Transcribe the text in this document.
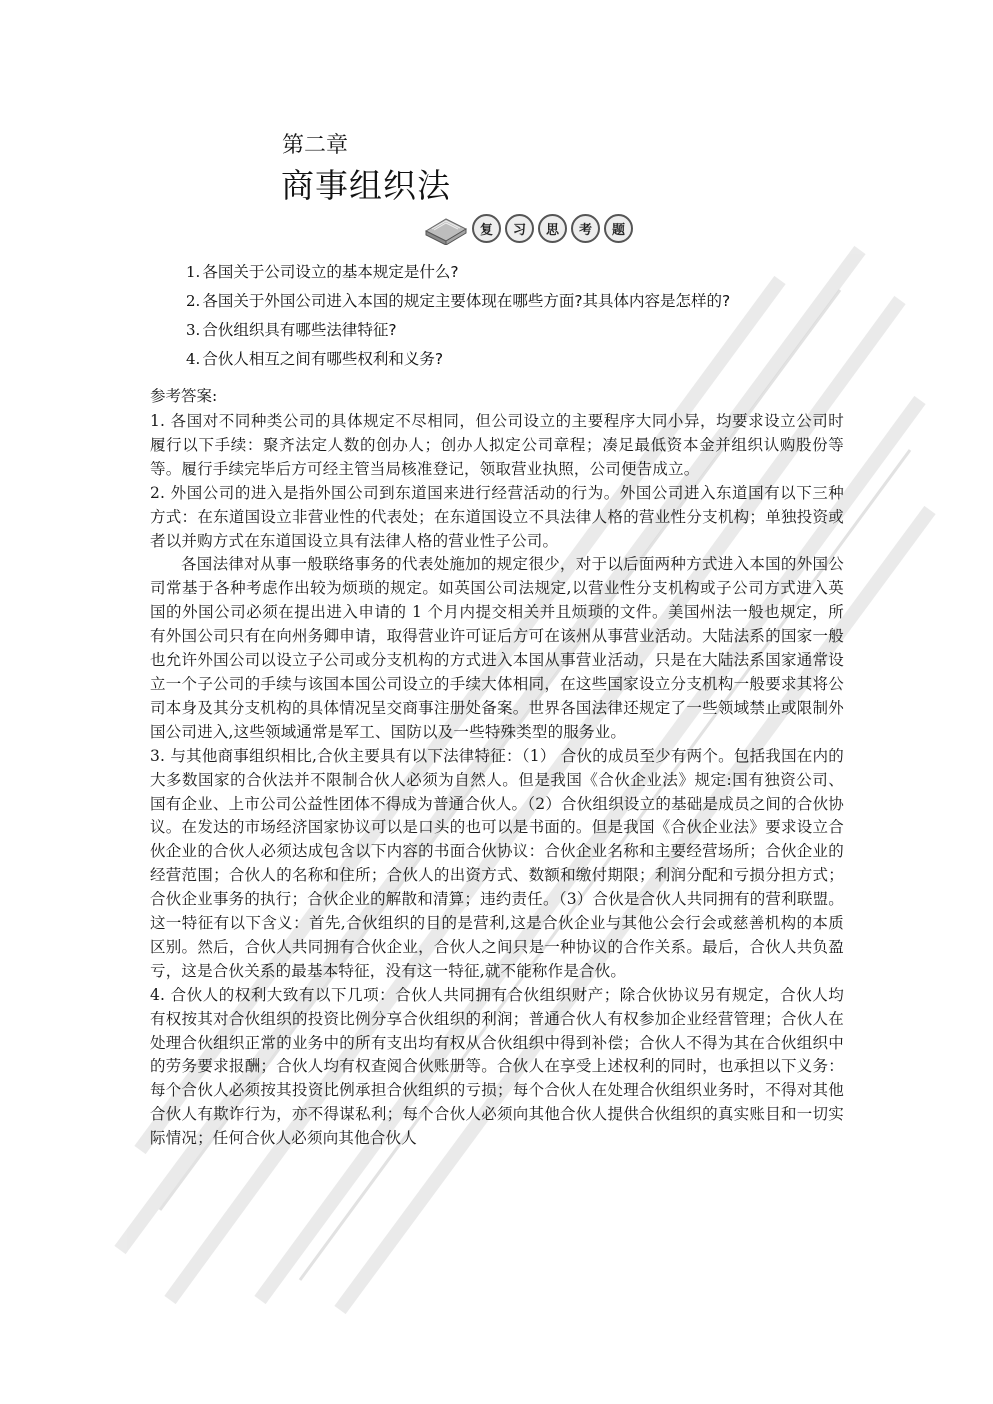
第二章
商事组织法
复	习	思	考	题
1. 各国关于公司设立的基本规定是什么?
2. 各国关于外国公司进入本国的规定主要体现在哪些方面?其具体内容是怎样的?
3. 合伙组织具有哪些法律特征?
4. 合伙人相互之间有哪些权利和义务?
参考答案:

1. 各国对不同种类公司的具体规定不尽相同，但公司设立的主要程序大同小异，均要求设立公司时履行以下手续：聚齐法定人数的创办人；创办人拟定公司章程；凑足最低资本金并组织认购股份等等。履行手续完毕后方可经主管当局核准登记，领取营业执照，公司便告成立。

2. 外国公司的进入是指外国公司到东道国来进行经营活动的行为。外国公司进入东道国有以下三种方式：在东道国设立非营业性的代表处；在东道国设立不具法律人格的营业性分支机构；单独投资或者以并购方式在东道国设立具有法律人格的营业性子公司。

各国法律对从事一般联络事务的代表处施加的规定很少，对于以后面两种方式进入本国的外国公司常基于各种考虑作出较为烦琐的规定。如英国公司法规定,以营业性分支机构或子公司方式进入英国的外国公司必须在提出进入申请的 1 个月内提交相关并且烦琐的文件。美国州法一般也规定，所有外国公司只有在向州务卿申请，取得营业许可证后方可在该州从事营业活动。大陆法系的国家一般也允许外国公司以设立子公司或分支机构的方式进入本国从事营业活动，只是在大陆法系国家通常设立一个子公司的手续与该国本国公司设立的手续大体相同，在这些国家设立分支机构一般要求其将公司本身及其分支机构的具体情况呈交商事注册处备案。世界各国法律还规定了一些领域禁止或限制外国公司进入,这些领域通常是军工、国防以及一些特殊类型的服务业。

3. 与其他商事组织相比,合伙主要具有以下法律特征：（1） 合伙的成员至少有两个。包括我国在内的大多数国家的合伙法并不限制合伙人必须为自然人。但是我国《合伙企业法》规定:国有独资公司、国有企业、上市公司公益性团体不得成为普通合伙人。（2）合伙组织设立的基础是成员之间的合伙协议。在发达的市场经济国家协议可以是口头的也可以是书面的。但是我国《合伙企业法》要求设立合伙企业的合伙人必须达成包含以下内容的书面合伙协议：合伙企业名称和主要经营场所；合伙企业的经营范围；合伙人的名称和住所；合伙人的出资方式、数额和缴付期限；利润分配和亏损分担方式；合伙企业事务的执行；合伙企业的解散和清算；违约责任。（3）合伙是合伙人共同拥有的营利联盟。这一特征有以下含义：首先,合伙组织的目的是营利,这是合伙企业与其他公会行会或慈善机构的本质区别。然后，合伙人共同拥有合伙企业，合伙人之间只是一种协议的合作关系。最后，合伙人共负盈亏，这是合伙关系的最基本特征，没有这一特征,就不能称作是合伙。

4. 合伙人的权利大致有以下几项：合伙人共同拥有合伙组织财产；除合伙协议另有规定，合伙人均有权按其对合伙组织的投资比例分享合伙组织的利润；普通合伙人有权参加企业经营管理；合伙人在处理合伙组织正常的业务中的所有支出均有权从合伙组织中得到补偿；合伙人不得为其在合伙组织中的劳务要求报酬；合伙人均有权查阅合伙账册等。合伙人在享受上述权利的同时，也承担以下义务：每个合伙人必须按其投资比例承担合伙组织的亏损；每个合伙人在处理合伙组织业务时，不得对其他合伙人有欺诈行为，亦不得谋私利；每个合伙人必须向其他合伙人提供合伙组织的真实账目和一切实际情况；任何合伙人必须向其他合伙人
